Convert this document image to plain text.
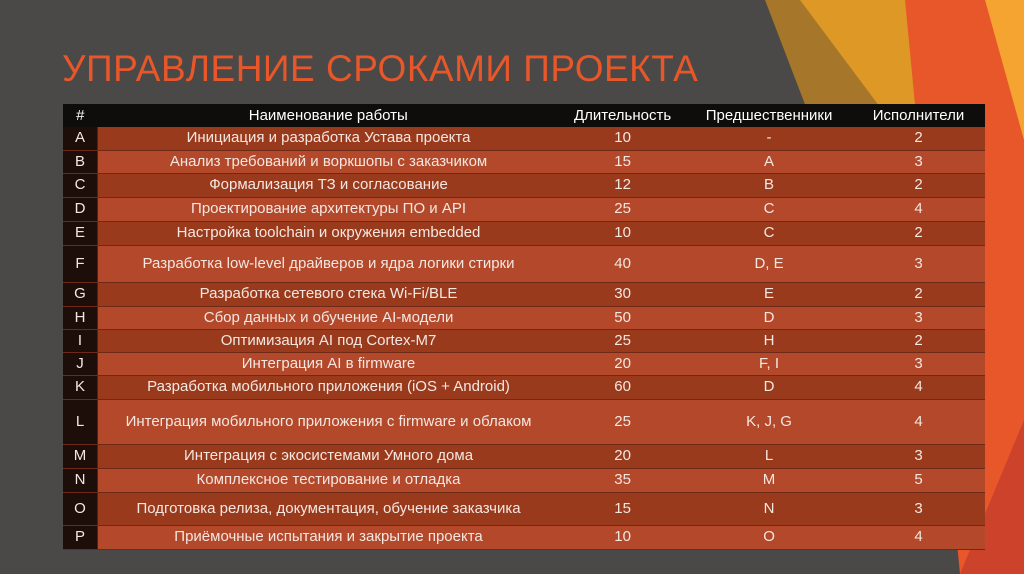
УПРАВЛЕНИЕ СРОКАМИ ПРОЕКТА
#	Наименование работы	Длительность	Предшественники	Исполнители
A	Инициация и разработка Устава проекта	10	-	2
B	Анализ требований и воркшопы с заказчиком	15	A	3
C	Формализация ТЗ и согласование	12	B	2
D	Проектирование архитектуры ПО и API	25	C	4
E	Настройка toolchain и окружения embedded	10	C	2
F	Разработка low-level драйверов и ядра логики стирки	40	D, E	3
G	Разработка сетевого стека Wi-Fi/BLE	30	E	2
H	Сбор данных и обучение AI-модели	50	D	3
I	Оптимизация AI под Cortex-M7	25	H	2
J	Интеграция AI в firmware	20	F, I	3
K	Разработка мобильного приложения (iOS + Android)	60	D	4
L	Интеграция мобильного приложения с firmware и облаком	25	K, J, G	4
M	Интеграция с экосистемами Умного дома	20	L	3
N	Комплексное тестирование и отладка	35	M	5
O	Подготовка релиза, документация, обучение заказчика	15	N	3
P	Приёмочные испытания и закрытие проекта	10	O	4
